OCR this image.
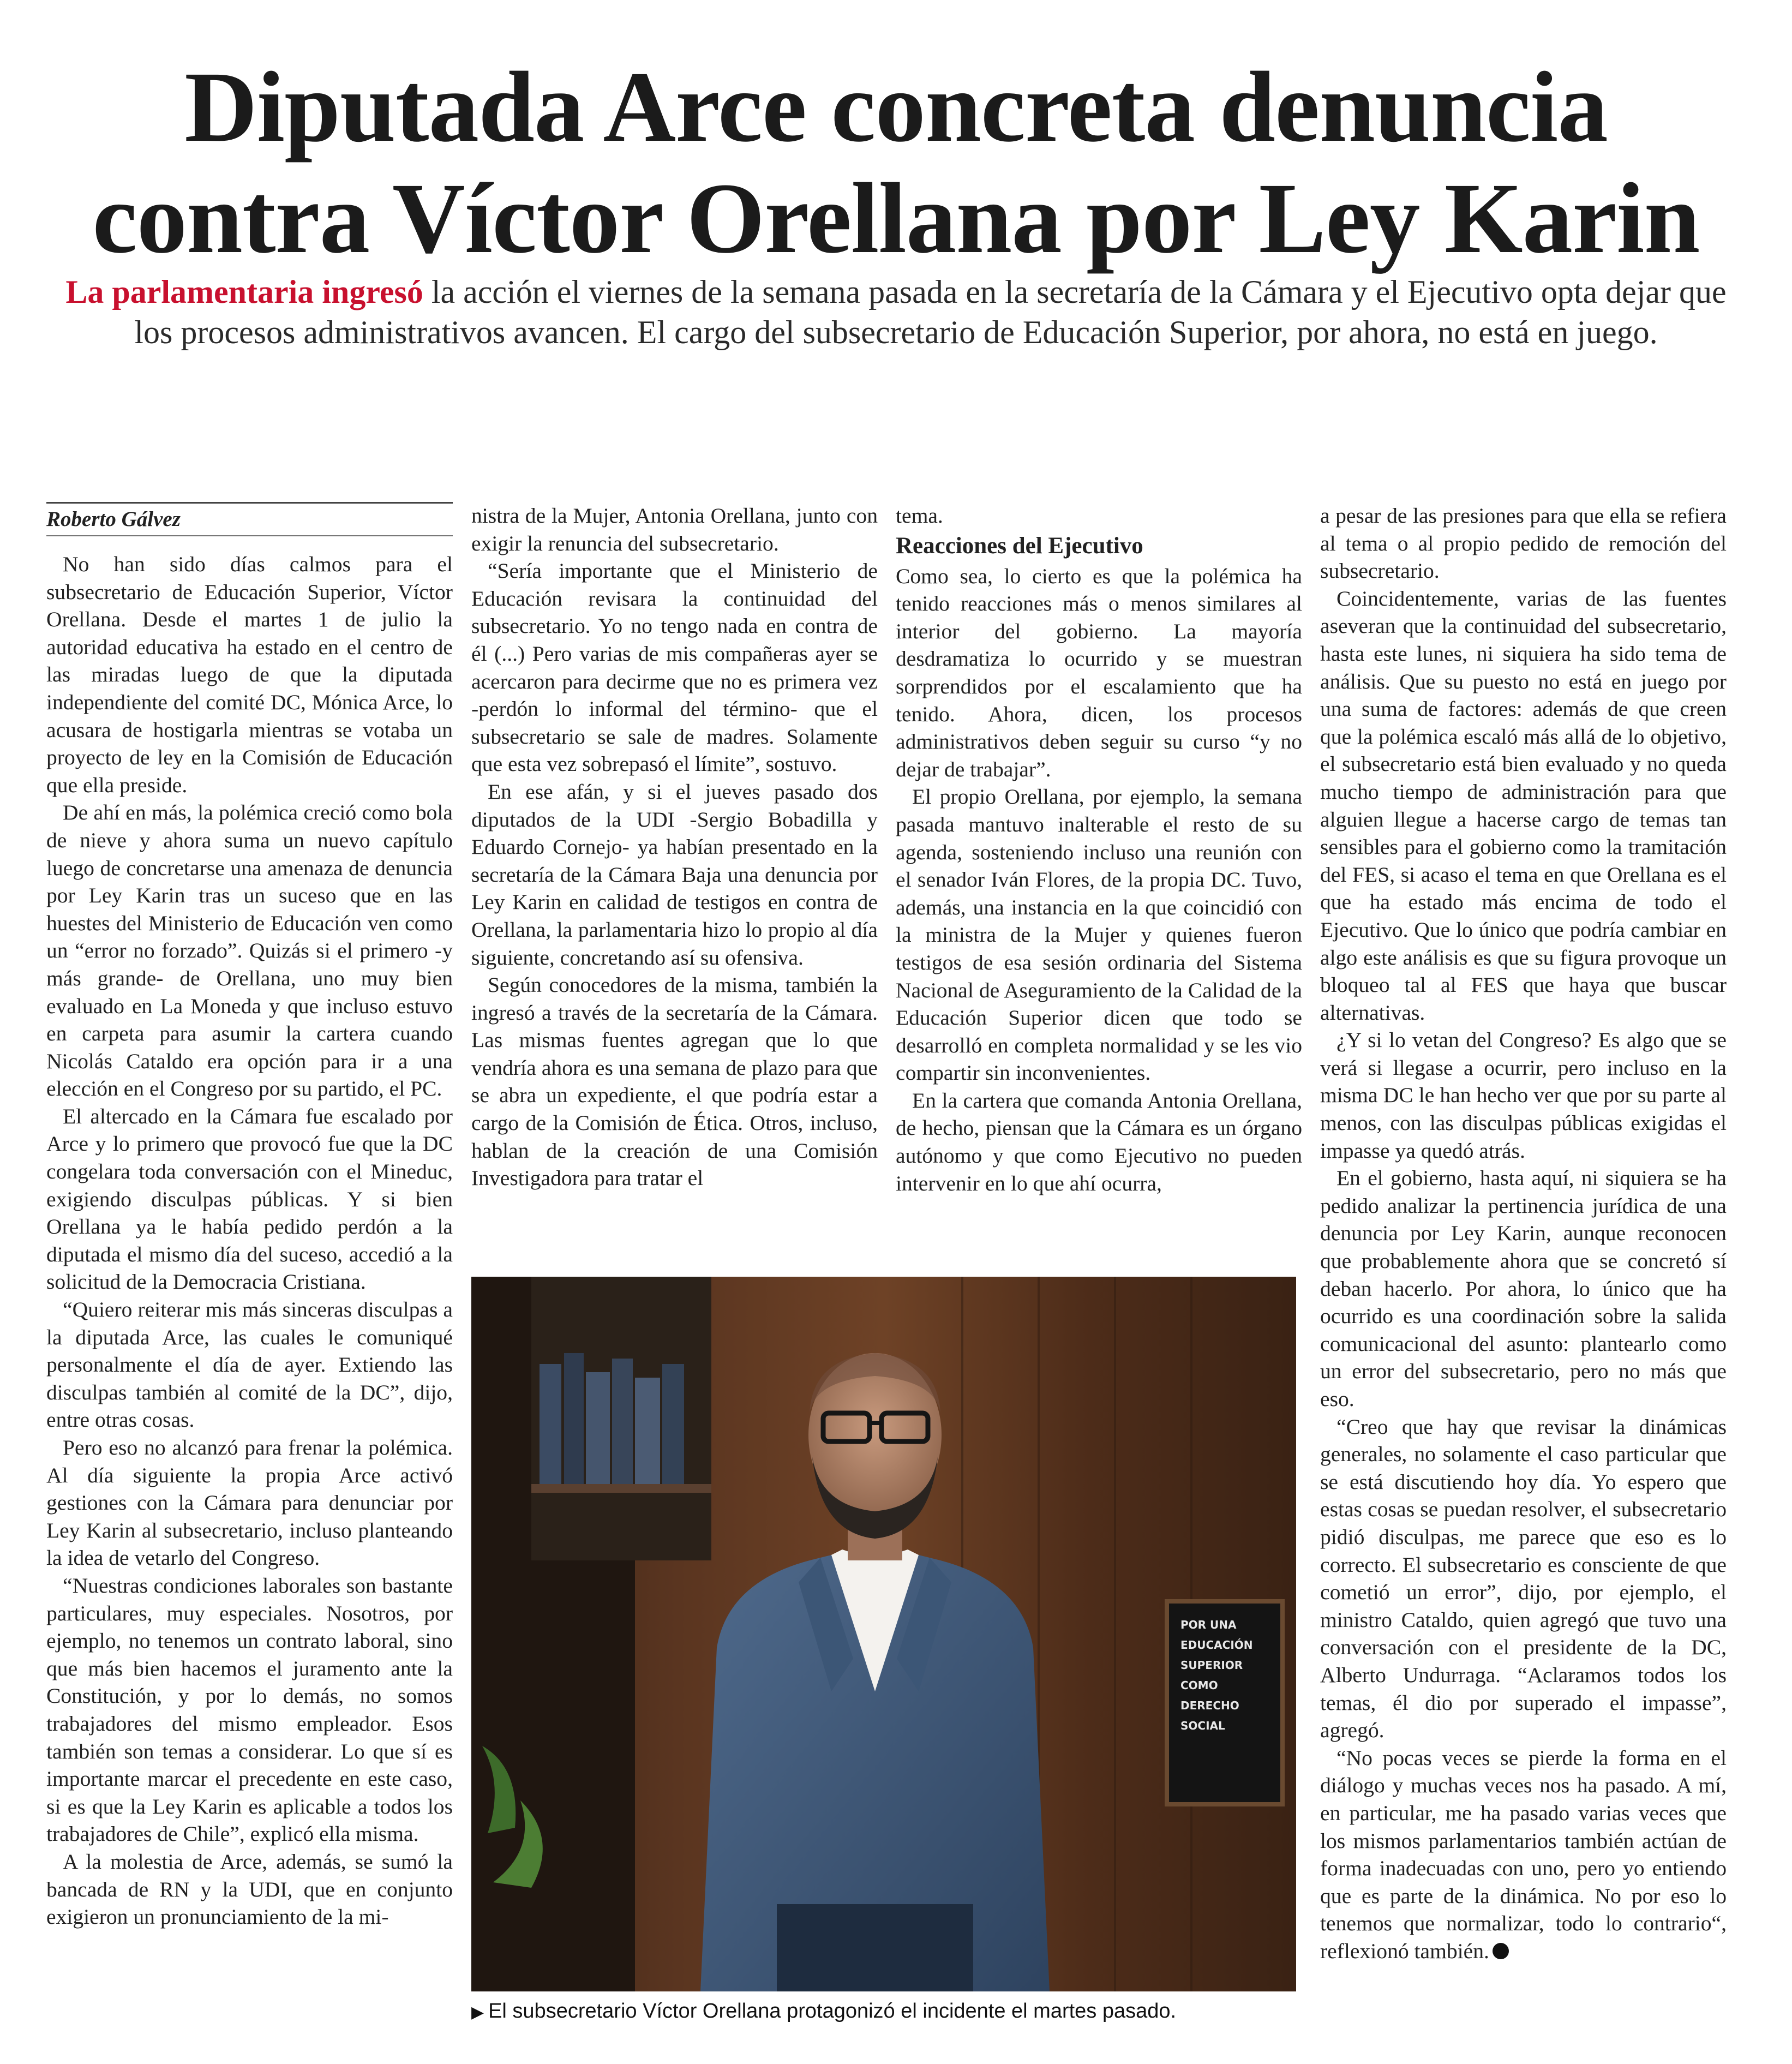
Diputada Arce concreta denuncia
contra Víctor Orellana por Ley Karin

La parlamentaria ingresó la acción el viernes de la semana pasada en la secretaría de la Cámara y el Ejecutivo opta dejar que los procesos administrativos avancen. El cargo del subsecretario de Educación Superior, por ahora, no está en juego.

Roberto Gálvez

No han sido días calmos para el subsecretario de Educación Superior, Víctor Orellana. Desde el martes 1 de julio la autoridad educativa ha estado en el centro de las miradas luego de que la diputada independiente del comité DC, Mónica Arce, lo acusara de hostigarla mientras se votaba un proyecto de ley en la Comisión de Educación que ella preside.

De ahí en más, la polémica creció como bola de nieve y ahora suma un nuevo capítulo luego de concretarse una amenaza de denuncia por Ley Karin tras un suceso que en las huestes del Ministerio de Educación ven como un “error no forzado”. Quizás si el primero -y más grande- de Orellana, uno muy bien evaluado en La Moneda y que incluso estuvo en carpeta para asumir la cartera cuando Nicolás Cataldo era opción para ir a una elección en el Congreso por su partido, el PC.

El altercado en la Cámara fue escalado por Arce y lo primero que provocó fue que la DC congelara toda conversación con el Mineduc, exigiendo disculpas públicas. Y si bien Orellana ya le había pedido perdón a la diputada el mismo día del suceso, accedió a la solicitud de la Democracia Cristiana.

“Quiero reiterar mis más sinceras disculpas a la diputada Arce, las cuales le comuniqué personalmente el día de ayer. Extiendo las disculpas también al comité de la DC”, dijo, entre otras cosas.

Pero eso no alcanzó para frenar la polémica. Al día siguiente la propia Arce activó gestiones con la Cámara para denunciar por Ley Karin al subsecretario, incluso planteando la idea de vetarlo del Congreso.

“Nuestras condiciones laborales son bastante particulares, muy especiales. Nosotros, por ejemplo, no tenemos un contrato laboral, sino que más bien hacemos el juramento ante la Constitución, y por lo demás, no somos trabajadores del mismo empleador. Esos también son temas a considerar. Lo que sí es importante marcar el precedente en este caso, si es que la Ley Karin es aplicable a todos los trabajadores de Chile”, explicó ella misma.

A la molestia de Arce, además, se sumó la bancada de RN y la UDI, que en conjunto exigieron un pronunciamiento de la mi-

nistra de la Mujer, Antonia Orellana, junto con exigir la renuncia del subsecretario.

“Sería importante que el Ministerio de Educación revisara la continuidad del subsecretario. Yo no tengo nada en contra de él (...) Pero varias de mis compañeras ayer se acercaron para decirme que no es primera vez -perdón lo informal del término- que el subsecretario se sale de madres. Solamente que esta vez sobrepasó el límite”, sostuvo.

En ese afán, y si el jueves pasado dos diputados de la UDI -Sergio Bobadilla y Eduardo Cornejo- ya habían presentado en la secretaría de la Cámara Baja una denuncia por Ley Karin en calidad de testigos en contra de Orellana, la parlamentaria hizo lo propio al día siguiente, concretando así su ofensiva.

Según conocedores de la misma, también la ingresó a través de la secretaría de la Cámara. Las mismas fuentes agregan que lo que vendría ahora es una semana de plazo para que se abra un expediente, el que podría estar a cargo de la Comisión de Ética. Otros, incluso, hablan de la creación de una Comisión Investigadora para tratar el

tema.

Reacciones del Ejecutivo

Como sea, lo cierto es que la polémica ha tenido reacciones más o menos similares al interior del gobierno. La mayoría desdramatiza lo ocurrido y se muestran sorprendidos por el escalamiento que ha tenido. Ahora, dicen, los procesos administrativos deben seguir su curso “y no dejar de trabajar”.

El propio Orellana, por ejemplo, la semana pasada mantuvo inalterable el resto de su agenda, sosteniendo incluso una reunión con el senador Iván Flores, de la propia DC. Tuvo, además, una instancia en la que coincidió con la ministra de la Mujer y quienes fueron testigos de esa sesión ordinaria del Sistema Nacional de Aseguramiento de la Calidad de la Educación Superior dicen que todo se desarrolló en completa normalidad y se les vio compartir sin inconvenientes.

En la cartera que comanda Antonia Orellana, de hecho, piensan que la Cámara es un órgano autónomo y que como Ejecutivo no pueden intervenir en lo que ahí ocurra,

a pesar de las presiones para que ella se refiera al tema o al propio pedido de remoción del subsecretario.

Coincidentemente, varias de las fuentes aseveran que la continuidad del subsecretario, hasta este lunes, ni siquiera ha sido tema de análisis. Que su puesto no está en juego por una suma de factores: además de que creen que la polémica escaló más allá de lo objetivo, el subsecretario está bien evaluado y no queda mucho tiempo de administración para que alguien llegue a hacerse cargo de temas tan sensibles para el gobierno como la tramitación del FES, si acaso el tema en que Orellana es el que ha estado más encima de todo el Ejecutivo. Que lo único que podría cambiar en algo este análisis es que su figura provoque un bloqueo tal al FES que haya que buscar alternativas.

¿Y si lo vetan del Congreso? Es algo que se verá si llegase a ocurrir, pero incluso en la misma DC le han hecho ver que por su parte al menos, con las disculpas públicas exigidas el impasse ya quedó atrás.

En el gobierno, hasta aquí, ni siquiera se ha pedido analizar la pertinencia jurídica de una denuncia por Ley Karin, aunque reconocen que probablemente ahora que se concretó sí deban hacerlo. Por ahora, lo único que ha ocurrido es una coordinación sobre la salida comunicacional del asunto: plantearlo como un error del subsecretario, pero no más que eso.

“Creo que hay que revisar la dinámicas generales, no solamente el caso particular que se está discutiendo hoy día. Yo espero que estas cosas se puedan resolver, el subsecretario pidió disculpas, me parece que eso es lo correcto. El subsecretario es consciente de que cometió un error”, dijo, por ejemplo, el ministro Cataldo, quien agregó que tuvo una conversación con el presidente de la DC, Alberto Undurraga. “Aclaramos todos los temas, él dio por superado el impasse”, agregó.

“No pocas veces se pierde la forma en el diálogo y muchas veces nos ha pasado. A mí, en particular, me ha pasado varias veces que los mismos parlamentarios también actúan de forma inadecuadas con uno, pero yo entiendo que es parte de la dinámica. No por eso lo tenemos que normalizar, todo lo contrario“, reflexionó también.

POR UNA
EDUCACIÓN
SUPERIOR
COMO
DERECHO
SOCIAL
▶ El subsecretario Víctor Orellana protagonizó el incidente el martes pasado.
